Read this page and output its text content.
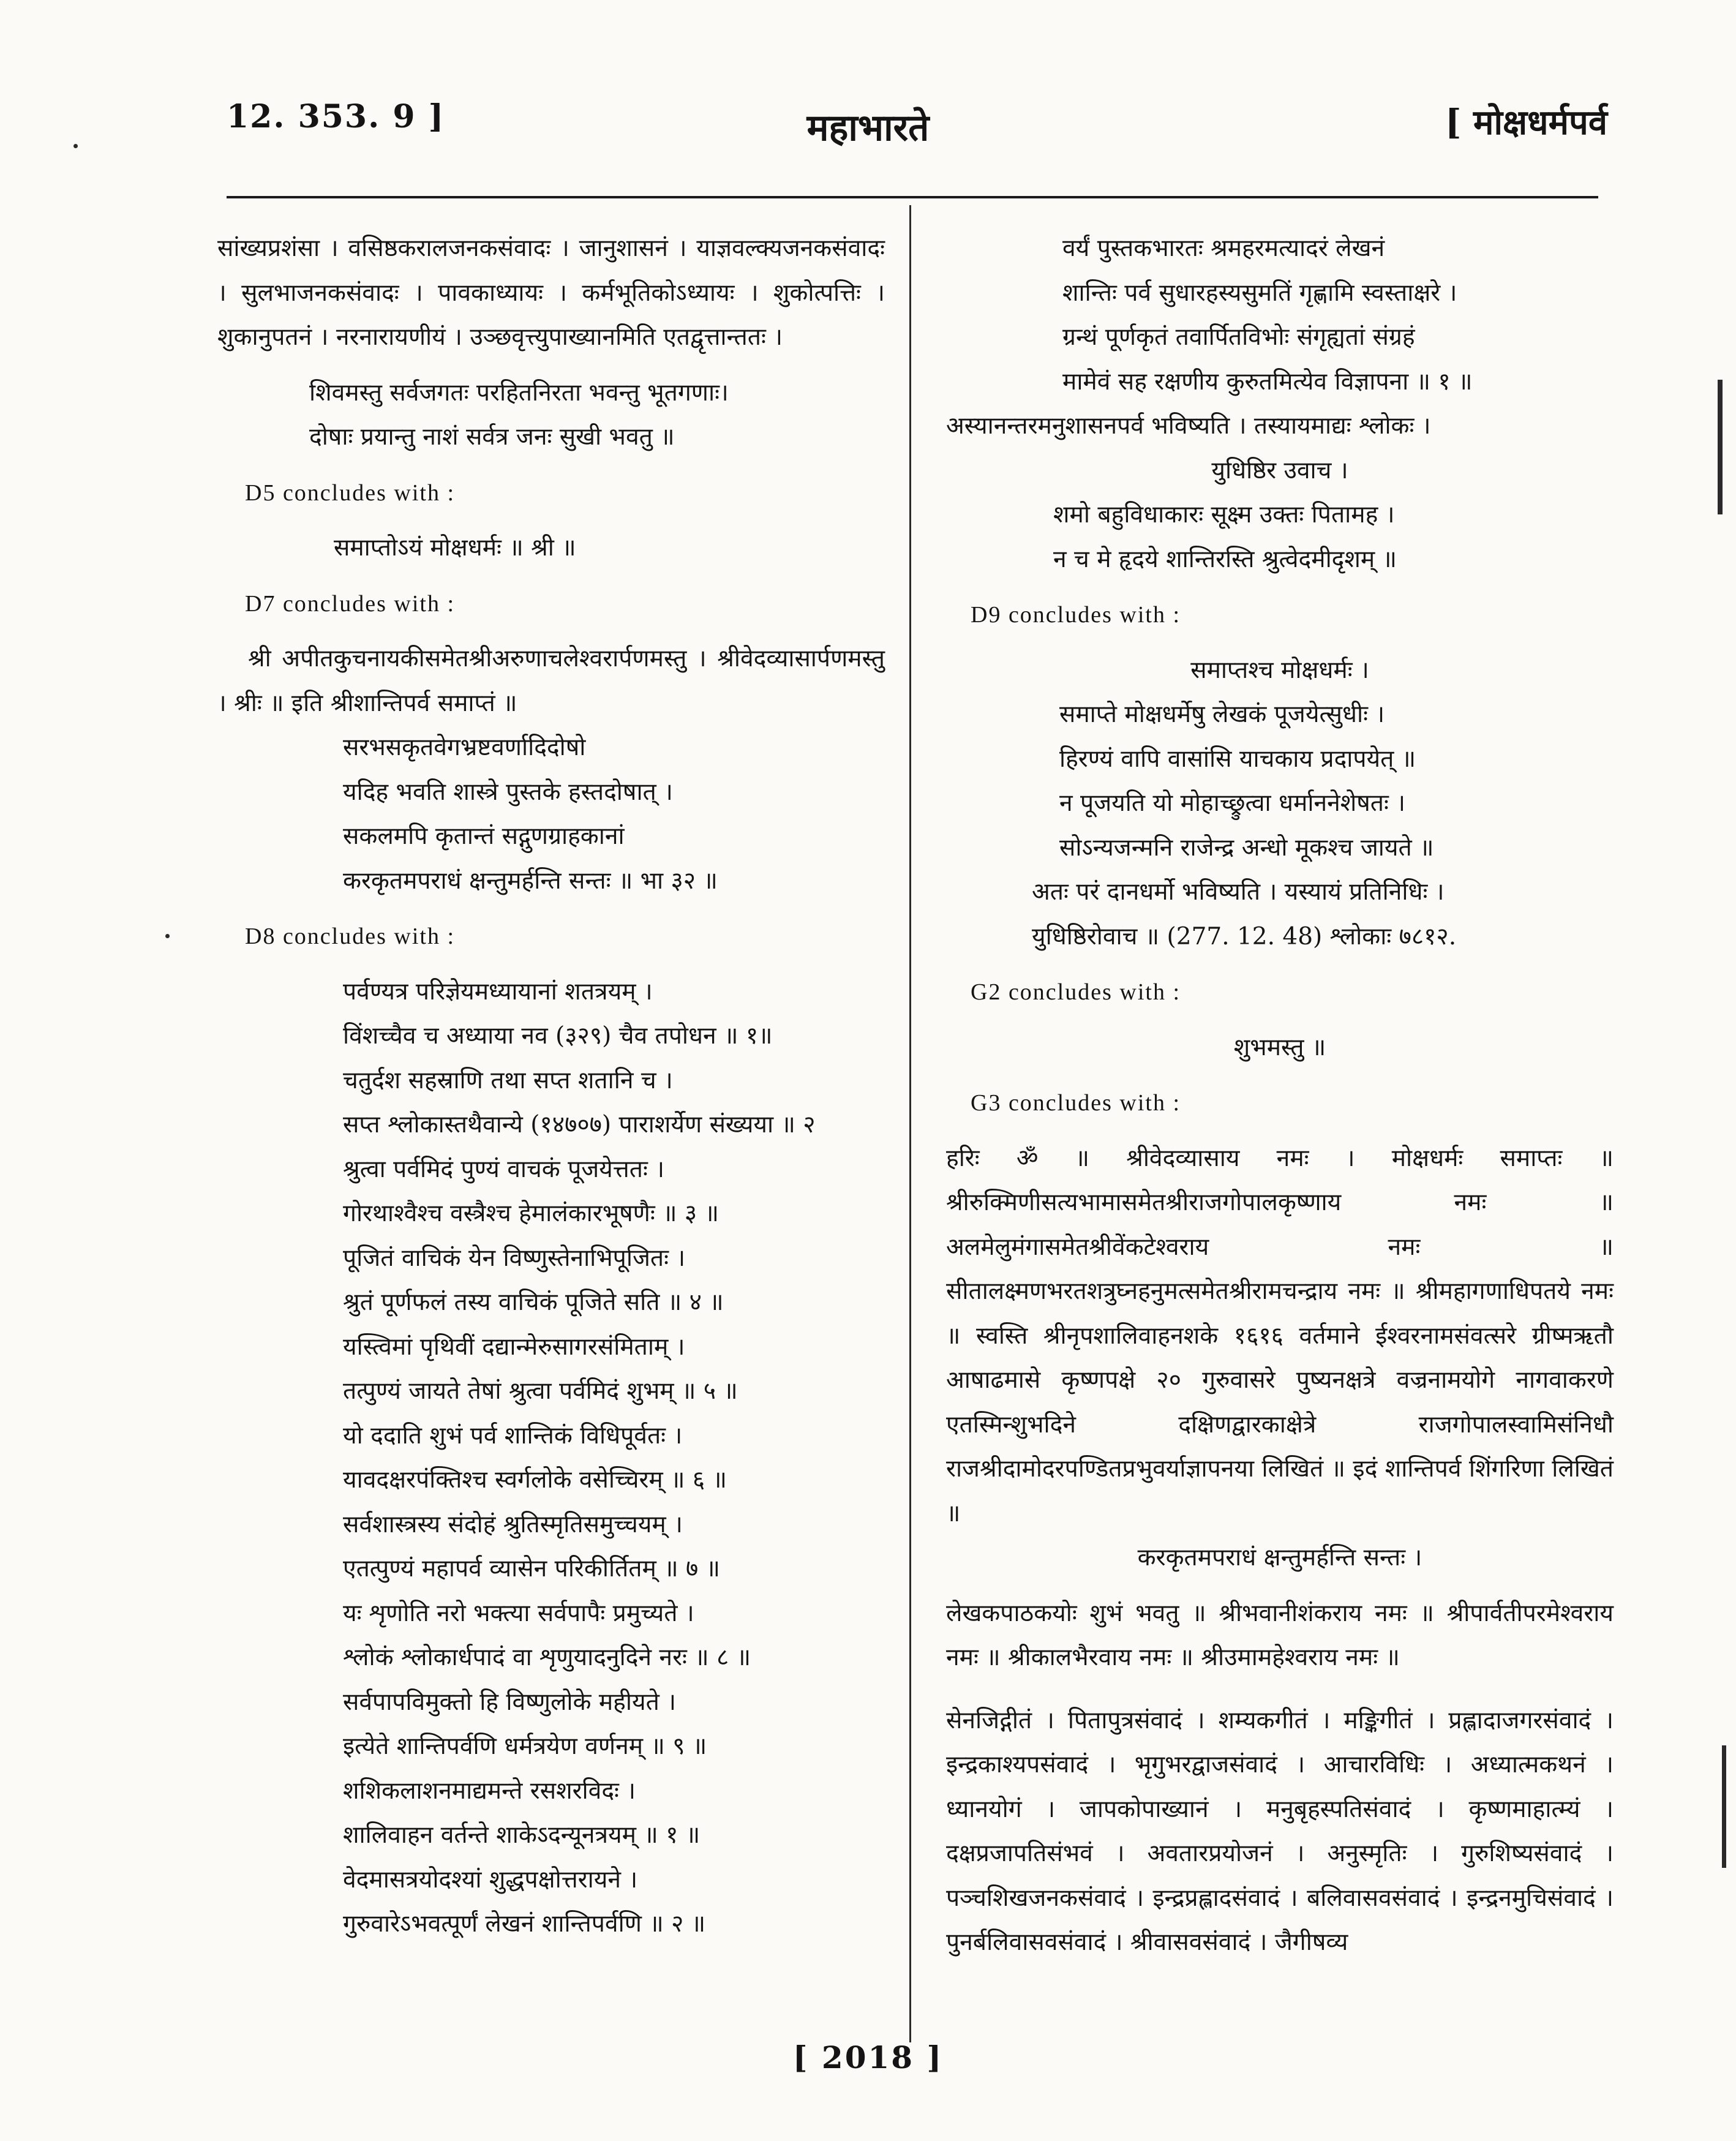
12. 353. 9 ]	महाभारते	[ मोक्षधर्मपर्व

सांख्यप्रशंसा । वसिष्ठकरालजनकसंवादः । जानुशासनं । याज्ञवल्क्यजनकसंवादः । सुलभाजनकसंवादः । पावकाध्यायः । कर्मभूतिकोऽध्यायः । शुकोत्पत्तिः । शुकानुपतनं । नरनारायणीयं । उञ्छवृत्त्युपाख्यानमिति एतद्वृत्तान्ततः ।

शिवमस्तु सर्वजगतः परहितनिरता भवन्तु भूतगणाः।

दोषाः प्रयान्तु नाशं सर्वत्र जनः सुखी भवतु ॥

D5 concludes with :

समाप्तोऽयं मोक्षधर्मः ॥ श्री ॥

D7 concludes with :

श्री अपीतकुचनायकीसमेतश्रीअरुणाचलेश्वरार्पणमस्तु । श्रीवेदव्यासार्पणमस्तु । श्रीः ॥ इति श्रीशान्तिपर्व समाप्तं ॥

सरभसकृतवेगभ्रष्टवर्णादिदोषो

यदिह भवति शास्त्रे पुस्तके हस्तदोषात् ।

सकलमपि कृतान्तं सद्गुणग्राहकानां

करकृतमपराधं क्षन्तुमर्हन्ति सन्तः ॥ भा ३२ ॥

D8 concludes with :

पर्वण्यत्र परिज्ञेयमध्यायानां शतत्रयम् ।

विंशच्चैव च अध्याया नव (३२९) चैव तपोधन ॥ १॥

चतुर्दश सहस्राणि तथा सप्त शतानि च ।

सप्त श्लोकास्तथैवान्ये (१४७०७) पाराशर्येण संख्यया ॥ २

श्रुत्वा पर्वमिदं पुण्यं वाचकं पूजयेत्ततः ।

गोरथाश्वैश्च वस्त्रैश्च हेमालंकारभूषणैः ॥ ३ ॥

पूजितं वाचिकं येन विष्णुस्तेनाभिपूजितः ।

श्रुतं पूर्णफलं तस्य वाचिकं पूजिते सति ॥ ४ ॥

यस्त्विमां पृथिवीं दद्यान्मेरुसागरसंमिताम् ।

तत्पुण्यं जायते तेषां श्रुत्वा पर्वमिदं शुभम् ॥ ५ ॥

यो ददाति शुभं पर्व शान्तिकं विधिपूर्वतः ।

यावदक्षरपंक्तिश्च स्वर्गलोके वसेच्चिरम् ॥ ६ ॥

सर्वशास्त्रस्य संदोहं श्रुतिस्मृतिसमुच्चयम् ।

एतत्पुण्यं महापर्व व्यासेन परिकीर्तितम् ॥ ७ ॥

यः शृणोति नरो भक्त्या सर्वपापैः प्रमुच्यते ।

श्लोकं श्लोकार्धपादं वा शृणुयादनुदिने नरः ॥ ८ ॥

सर्वपापविमुक्तो हि विष्णुलोके महीयते ।

इत्येते शान्तिपर्वणि धर्मत्रयेण वर्णनम् ॥ ९ ॥

शशिकलाशनमाद्यमन्ते रसशरविदः ।

शालिवाहन वर्तन्ते शाकेऽदन्यूनत्रयम् ॥ १ ॥

वेदमासत्रयोदश्यां शुद्धपक्षोत्तरायने ।

गुरुवारेऽभवत्पूर्णं लेखनं शान्तिपर्वणि ॥ २ ॥

वर्यं पुस्तकभारतः श्रमहरमत्यादरं लेखनं

शान्तिः पर्व सुधारहस्यसुमतिं गृह्णामि स्वस्ताक्षरे ।

ग्रन्थं पूर्णकृतं तवार्पितविभोः संगृह्यतां संग्रहं

मामेवं सह रक्षणीय कुरुतमित्येव विज्ञापना ॥ १ ॥

अस्यानन्तरमनुशासनपर्व भविष्यति । तस्यायमाद्यः श्लोकः ।

युधिष्ठिर उवाच ।

शमो बहुविधाकारः सूक्ष्म उक्तः पितामह ।

न च मे हृदये शान्तिरस्ति श्रुत्वेदमीदृशम् ॥

D9 concludes with :

समाप्तश्च मोक्षधर्मः ।

समाप्ते मोक्षधर्मेषु लेखकं पूजयेत्सुधीः ।

हिरण्यं वापि वासांसि याचकाय प्रदापयेत् ॥

न पूजयति यो मोहाच्छ्रुत्वा धर्माननेशेषतः ।

सोऽन्यजन्मनि राजेन्द्र अन्धो मूकश्च जायते ॥

अतः परं दानधर्मो भविष्यति । यस्यायं प्रतिनिधिः ।

युधिष्ठिरोवाच ॥ (277. 12. 48) श्लोकाः ७८१२.

G2 concludes with :

शुभमस्तु ॥

G3 concludes with :

हरिः ॐ ॥ श्रीवेदव्यासाय नमः । मोक्षधर्मः समाप्तः ॥ श्रीरुक्मिणीसत्यभामासमेतश्रीराजगोपालकृष्णाय नमः ॥ अलमेलुमंगासमेतश्रीवेंकटेश्वराय नमः ॥ सीतालक्ष्मणभरतशत्रुघ्नहनुमत्समेतश्रीरामचन्द्राय नमः ॥ श्रीमहागणाधिपतये नमः ॥ स्वस्ति श्रीनृपशालिवाहनशके १६१६ वर्तमाने ईश्वरनामसंवत्सरे ग्रीष्मऋतौ आषाढमासे कृष्णपक्षे २० गुरुवासरे पुष्यनक्षत्रे वज्रनामयोगे नागवाकरणे एतस्मिन्शुभदिने दक्षिणद्वारकाक्षेत्रे राजगोपालस्वामिसंनिधौ राजश्रीदामोदरपण्डितप्रभुवर्याज्ञापनया लिखितं ॥ इदं शान्तिपर्व शिंगरिणा लिखितं ॥

करकृतमपराधं क्षन्तुमर्हन्ति सन्तः ।

लेखकपाठकयोः शुभं भवतु ॥ श्रीभवानीशंकराय नमः ॥ श्रीपार्वतीपरमेश्वराय नमः ॥ श्रीकालभैरवाय नमः ॥ श्रीउमामहेश्वराय नमः ॥

सेनजिद्गीतं । पितापुत्रसंवादं । शम्यकगीतं । मङ्किगीतं । प्रह्लादाजगरसंवादं । इन्द्रकाश्यपसंवादं । भृगुभरद्वाजसंवादं । आचारविधिः । अध्यात्मकथनं । ध्यानयोगं । जापकोपाख्यानं । मनुबृहस्पतिसंवादं । कृष्णमाहात्म्यं । दक्षप्रजापतिसंभवं । अवतारप्रयोजनं । अनुस्मृतिः । गुरुशिष्यसंवादं । पञ्चशिखजनकसंवादं । इन्द्रप्रह्लादसंवादं । बलिवासवसंवादं । इन्द्रनमुचिसंवादं । पुनर्बलिवासवसंवादं । श्रीवासवसंवादं । जैगीषव्य

[ 2018 ]
